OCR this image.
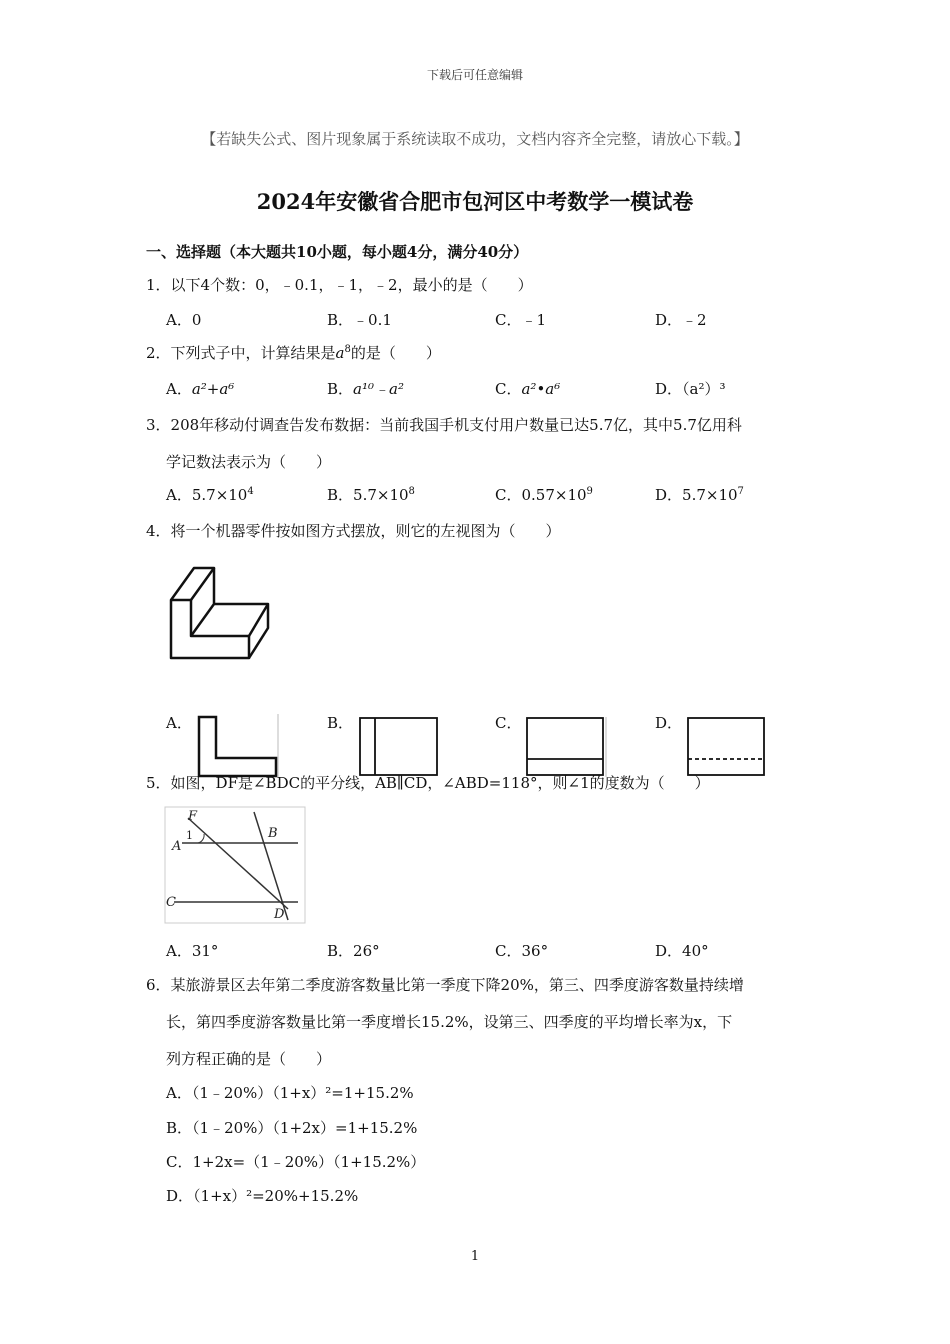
下载后可任意编辑
【若缺失公式、图片现象属于系统读取不成功，文档内容齐全完整，请放心下载。】
2024年安徽省合肥市包河区中考数学一模试卷
一、选择题（本大题共10小题，每小题4分，满分40分）
1．以下4个数：0，﹣0.1，﹣1，﹣2，最小的是（　　）
A．0	B．﹣0.1	C．﹣1	D．﹣2
2．下列式子中，计算结果是$a^8$的是（　　）
A．a²+a⁶	B．a¹⁰﹣a²	C．a²•a⁶	D．（a²）³
3．208年移动付调查告发布数据：当前我国手机支付用户数量已达5.7亿，其中5.7亿用科
学记数法表示为（　　）
A．$5.7\times 10^4$	B．$5.7\times 10^8$	C．$0.57\times 10^9$	D．$5.7\times 10^7$
4．将一个机器零件按如图方式摆放，则它的左视图为（　　）
A．	B．	C．	D．
5．如图，DF是∠BDC的平分线，AB∥CD，∠ABD=118°，则∠1的度数为（　　）
F
1
A
B
C
D
A．31°	B．26°	C．36°	D．40°
6．某旅游景区去年第二季度游客数量比第一季度下降20%，第三、四季度游客数量持续增
长，第四季度游客数量比第一季度增长15.2%，设第三、四季度的平均增长率为x，下
列方程正确的是（　　）
A．（1﹣20%）（1+x）²=1+15.2%
B．（1﹣20%）（1+2x）=1+15.2%
C．1+2x=（1﹣20%）（1+15.2%）
D．（1+x）²=20%+15.2%
1
